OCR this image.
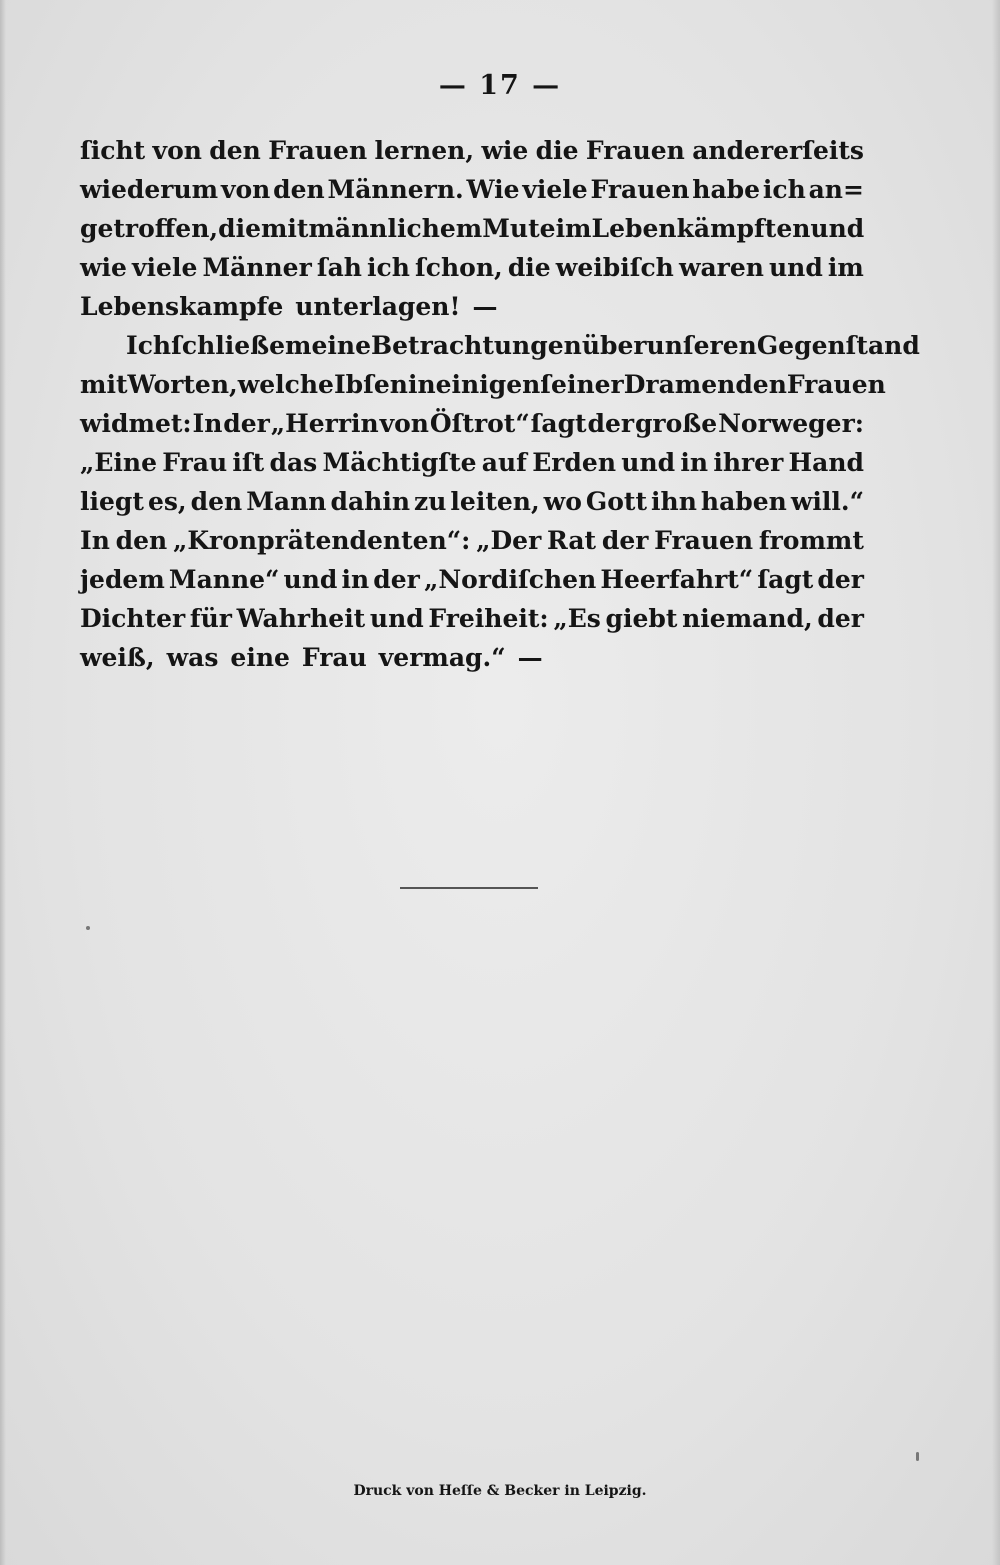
— 17 —
ſicht von den Frauen lernen, wie die Frauen andererſeits
wiederum von den Männern. Wie viele Frauen habe ich an=
getroffen, die mit männlichem Mute im Leben kämpften und
wie viele Männer ſah ich ſchon, die weibiſch waren und im
Lebenskampfe unterlagen! —
Ich ſchließe meine Betrachtungen über unſeren Gegenſtand
mit Worten, welche Ibſen in einigen ſeiner Dramen den Frauen
widmet: In der „Herrin von Öſtrot“ ſagt der große Norweger:
„Eine Frau iſt das Mächtigſte auf Erden und in ihrer Hand
liegt es, den Mann dahin zu leiten, wo Gott ihn haben will.“
In den „Kronprätendenten“: „Der Rat der Frauen frommt
jedem Manne“ und in der „Nordiſchen Heerfahrt“ ſagt der
Dichter für Wahrheit und Freiheit: „Es giebt niemand, der
weiß, was eine Frau vermag.“ —
Druck von Heſſe & Becker in Leipzig.
